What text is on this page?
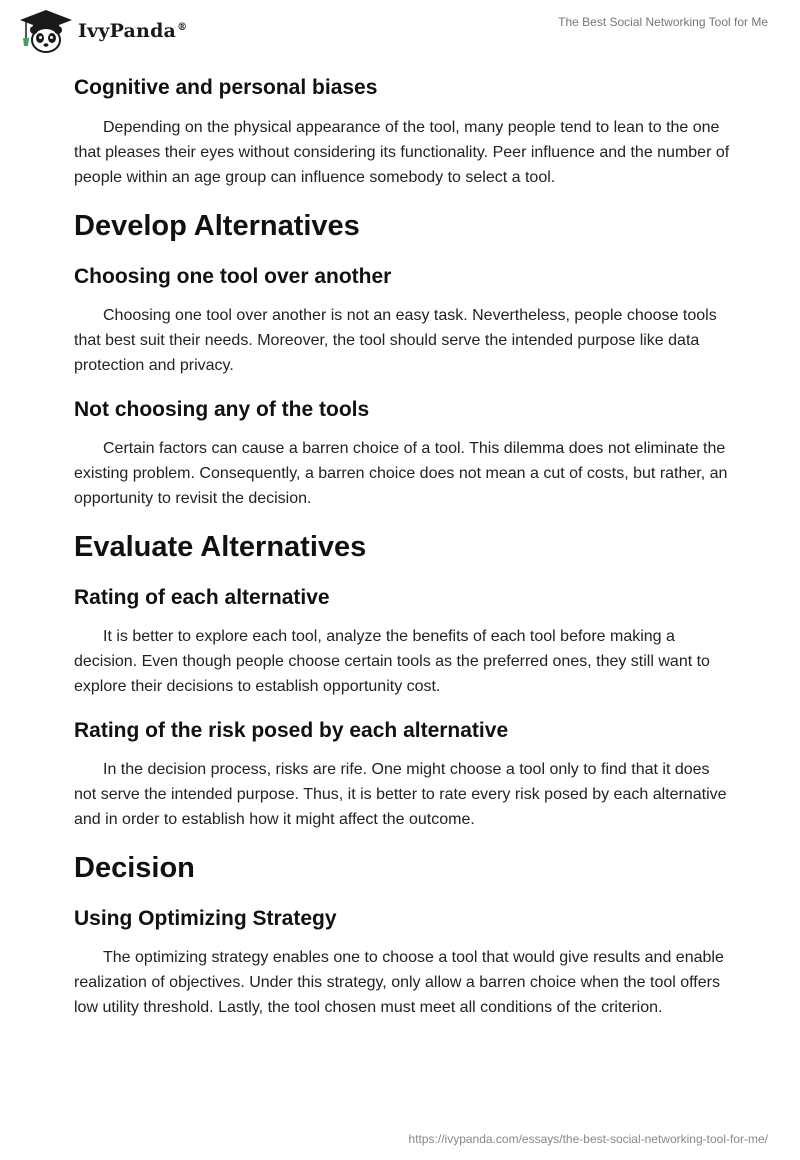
IvyPanda®	The Best Social Networking Tool for Me
Cognitive and personal biases

Depending on the physical appearance of the tool, many people tend to lean to the one that pleases their eyes without considering its functionality. Peer influence and the number of people within an age group can influence somebody to select a tool.

Develop Alternatives
Choosing one tool over another

Choosing one tool over another is not an easy task. Nevertheless, people choose tools that best suit their needs. Moreover, the tool should serve the intended purpose like data protection and privacy.

Not choosing any of the tools

Certain factors can cause a barren choice of a tool. This dilemma does not eliminate the existing problem. Consequently, a barren choice does not mean a cut of costs, but rather, an opportunity to revisit the decision.

Evaluate Alternatives
Rating of each alternative

It is better to explore each tool, analyze the benefits of each tool before making a decision. Even though people choose certain tools as the preferred ones, they still want to explore their decisions to establish opportunity cost.

Rating of the risk posed by each alternative

In the decision process, risks are rife. One might choose a tool only to find that it does not serve the intended purpose. Thus, it is better to rate every risk posed by each alternative and in order to establish how it might affect the outcome.

Decision
Using Optimizing Strategy

The optimizing strategy enables one to choose a tool that would give results and enable realization of objectives. Under this strategy, only allow a barren choice when the tool offers low utility threshold. Lastly, the tool chosen must meet all conditions of the criterion.

https://ivypanda.com/essays/the-best-social-networking-tool-for-me/
